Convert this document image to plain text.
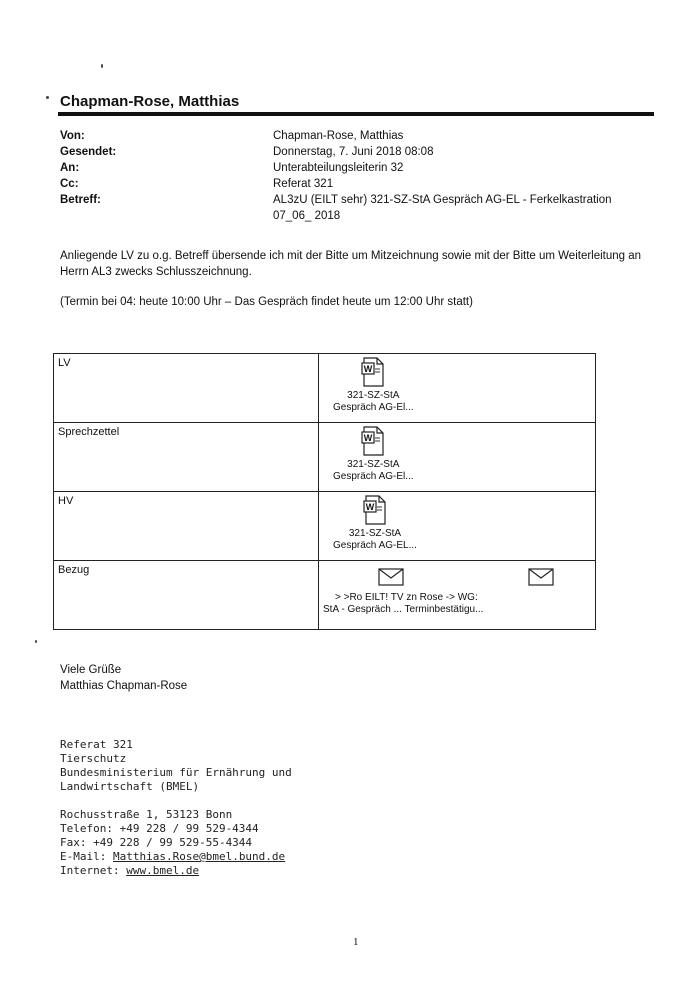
Chapman-Rose, Matthias
Von:	Chapman-Rose, Matthias
Gesendet:	Donnerstag, 7. Juni 2018 08:08
An:	Unterabteilungsleiterin 32
Cc:	Referat 321
Betreff:	AL3zU (EILT sehr) 321-SZ-StA Gespräch AG-EL - Ferkelkastration 07_06_ 2018
Anliegende LV zu o.g. Betreff übersende ich mit der Bitte um Mitzeichnung sowie mit der Bitte um Weiterleitung an Herrn AL3 zwecks Schlusszeichnung.
(Termin bei 04: heute 10:00 Uhr – Das Gespräch findet heute um 12:00 Uhr statt)
LV	W
321-SZ-StA
Gespräch AG-El...

Sprechzettel	W
321-SZ-StA
Gespräch AG-El...

HV	W
321-SZ-StA
Gespräch AG-EL...

Bezug	> >Ro EILT! TV zn Rose -> WG:
StA - Gespräch ... Terminbestätigu...
Viele Grüße
Matthias Chapman-Rose
Referat 321
Tierschutz
Bundesministerium für Ernährung und
Landwirtschaft (BMEL)
Rochusstraße 1, 53123 Bonn
Telefon: +49 228 / 99 529-4344
Fax: +49 228 / 99 529-55-4344
E-Mail: Matthias.Rose@bmel.bund.de
Internet: www.bmel.de
1
